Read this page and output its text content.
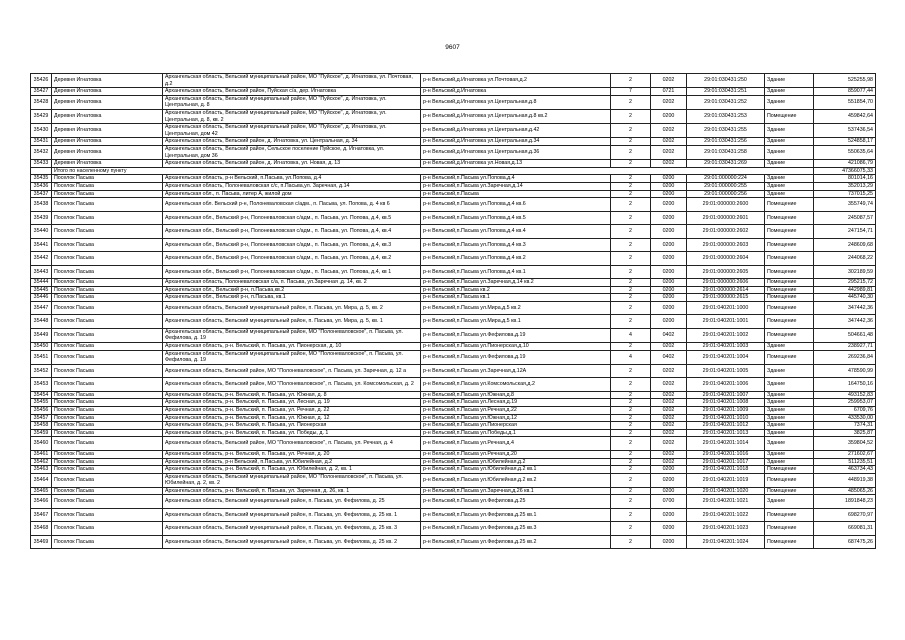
9607
35426	Деревня Игнатовка	Архангельская область, Вельский муниципальный район, МО "Пуйское", д. Игнатовка, ул. Почтовая, д.2	р-н Вельский,д.Игнатовка ул.Почтовая,д.2	2	0202	29:01:030431:250	Здание	525255,98
35427	Деревня Игнатовка	Архангельская область, Вельский район, Пуйская с/а, дер. Игнатовка	р-н Вельский,д.Игнатовка	7	0721	29:01:030431:251	Здание	859077,44
35428	Деревня Игнатовка	Архангельская область, Вельский муниципальный район, МО "Пуйское", д. Игнатовка, ул. Центральная, д. 8	р-н Вельский,д.Игнатовка ул.Центральная,д.8	2	0202	29:01:030431:252	Здание	551854,70
35429	Деревня Игнатовка	Архангельская область, Вельский муниципальный район, МО "Пуйское", д. Игнатовка, ул. Центральная, д. 8, кв. 2	р-н Вельский,д.Игнатовка ул.Центральная,д.8 кв.2	2	0200	29:01:030431:253	Помещение	459842,64
35430	Деревня Игнатовка	Архангельская область, Вельский муниципальный район, МО "Пуйское", д. Игнатовка, ул. Центральная, дом 42	р-н Вельский,д.Игнатовка ул.Центральная,д.42	2	0202	29:01:030431:255	Здание	537436,54
35431	Деревня Игнатовка	Архангельская область, Вельский район, д. Игнатовка, ул. Центральная, д. 34	р-н Вельский,д.Игнатовка ул.Центральная,д.34	2	0202	29:01:030431:256	Здание	524858,17
35432	Деревня Игнатовка	Архангельская область, Вельский район, Сельское поселение Пуйское, д. Игнатовка, ул. Центральная, дом 36	р-н Вельский,д.Игнатовка ул.Центральная,д.36	2	0202	29:01:030431:258	Здание	550635,64
35433	Деревня Игнатовка	Архангельская область, Вельский район, д. Игнатовка, ул. Новая, д. 13	р-н Вельский,д.Игнатовка ул.Новая,д.13	2	0202	29:01:030431:269	Здание	421086,79
	Итого по населенному пункту							47366075,33
35435	Поселок Пасьва	Архангельская область, р-н Вельский, п.Пасьва, ул.Попова, д.4	р-н Вельский,п.Пасьва ул.Попова,д.4	2	0200	29:01:000000:224	Здание	801014,16
35436	Поселок Пасьва	Архангельская область, Полоневаловская с/с, п.Пасьва,ул. Заречная, д.14	р-н Вельский,п.Пасьва ул.Заречная,д.14	2	0200	29:01:000000:255	Здание	352013,29
35437	Поселок Пасьва	Архангельская обл., п. Пасьва, литер А, жилой дом	р-н Вельский,п.Пасьва	2	0200	29:01:000000:256	Здание	737015,25
35438	Поселок Пасьва	Архангельская обл. Вельский р-н, Полоневаловская с/адм., п. Пасьва, ул. Попова, д. 4 кв 6	р-н Вельский,п.Пасьва ул.Попова,д.4 кв.6	2	0200	29:01:000000:2600	Помещение	355749,74
35439	Поселок Пасьва	Архангельская обл., Вельский р-н, Полоневаловская с/адм., п. Пасьва, ул. Попова, д.4, кв.5	р-н Вельский,п.Пасьва ул.Попова,д.4 кв.5	2	0200	29:01:000000:2601	Помещение	245087,57
35440	Поселок Пасьва	Архангельская обл., Вельский р-н, Полоневаловская с/адм., п. Пасьва, ул. Попова, д.4, кв.4	р-н Вельский,п.Пасьва ул.Попова,д.4 кв.4	2	0200	29:01:000000:2602	Помещение	247154,71
35441	Поселок Пасьва	Архангельская обл., Вельский р-н, Полоневаловская с/адм., п. Пасьва, ул. Попова, д.4, кв.3	р-н Вельский,п.Пасьва ул.Попова,д.4 кв.3	2	0200	29:01:000000:2603	Помещение	248609,68
35442	Поселок Пасьва	Архангельская обл., Вельский р-н, Полоневаловская с/адм., п. Пасьва, ул. Попова, д.4, кв.2	р-н Вельский,п.Пасьва ул.Попова,д.4 кв.2	2	0200	29:01:000000:2604	Помещение	244068,22
35443	Поселок Пасьва	Архангельская обл., Вельский р-н, Полоневаловская с/адм., п. Пасьва, ул. Попова, д.4, кв 1	р-н Вельский,п.Пасьва ул.Попова,д.4 кв.1	2	0200	29:01:000000:2605	Помещение	302189,59
35444	Поселок Пасьва	Архангельская область, Полоневаловская с/а, п. Пасьва, ул.Заречная ,д. 14, кв. 2	р-н Вельский,п.Пасьва ул.Заречная,д.14 кв.2	2	0200	29:01:000000:2606	Помещение	295215,72
35445	Поселок Пасьва	Архангельская обл., Вельский р-н, п.Пасьва,кв.2	р-н Вельский,п.Пасьва кв.2	2	0200	29:01:000000:2614	Помещение	442989,81
35446	Поселок Пасьва	Архангельская обл., Вельский р-н, п.Пасьва, кв.1	р-н Вельский,п.Пасьва кв.1	2	0200	29:01:000000:2615	Помещение	445740,30
35447	Поселок Пасьва	Архангельская область, Вельский муниципальный район, п. Пасьва, ул. Мира, д. 5, кв. 2	р-н Вельский,п.Пасьва ул.Мира,д.5 кв.2	2	0200	29:01:040201:1000	Помещение	347442,36
35448	Поселок Пасьва	Архангельская область, Вельский муниципальный район, п. Пасьва, ул. Мира, д. 5, кв. 1	р-н Вельский,п.Пасьва ул.Мира,д.5 кв.1	2	0200	29:01:040201:1001	Помещение	347442,36
35449	Поселок Пасьва	Архангельская область, Вельский муниципальный район, МО "Полоневаловское", п. Пасьва, ул. Фефилова, д. 19	р-н Вельский,п.Пасьва ул.Фефилова,д.19	4	0402	29:01:040201:1002	Помещение	504661,48
35450	Поселок Пасьва	Архангельская область, р-н. Вельский, п. Пасьва, ул. Пионерская, д. 10	р-н Вельский,п.Пасьва ул.Пионерская,д.10	2	0202	29:01:040201:1003	Здание	238927,71
35451	Поселок Пасьва	Архангельская область, Вельский муниципальный район, МО "Полоневаловское", п. Пасьва, ул. Фефилова, д. 19	р-н Вельский,п.Пасьва ул.Фефилова,д.19	4	0402	29:01:040201:1004	Помещение	269236,84
35452	Поселок Пасьва	Архангельская область, Вельский район, МО "Полоневаловское", п. Пасьва, ул. Заречная, д. 12 а	р-н Вельский,п.Пасьва ул.Заречная,д.12А	2	0202	29:01:040201:1005	Здание	478590,99
35453	Поселок Пасьва	Архангельская область, Вельский район, МО "Полоневаловское", п. Пасьва, ул. Комсомольская, д. 2	р-н Вельский,п.Пасьва ул.Комсомольская,д.2	2	0202	29:01:040201:1006	Здание	164750,16
35454	Поселок Пасьва	Архангельская область, р-н. Вельский, п. Пасьва, ул. Южная, д. 8	р-н Вельский,п.Пасьва ул.Южная,д.8	2	0202	29:01:040201:1007	Здание	493152,83
35455	Поселок Пасьва	Архангельская область, р-н. Вельский, п. Пасьва, ул. Лесная, д. 19	р-н Вельский,п.Пасьва ул.Лесная,д.19	2	0202	29:01:040201:1008	Здание	259953,07
35456	Поселок Пасьва	Архангельская область, р-н. Вельский, п. Пасьва, ул. Речная, д. 22	р-н Вельский,п.Пасьва ул.Речная,д.22	2	0202	29:01:040201:1009	Здание	6709,76
35457	Поселок Пасьва	Архангельская область, р-н. Вельский, п. Пасьва, ул. Южная, д. 12	р-н Вельский,п.Пасьва ул.Южная,д.12	2	0202	29:01:040201:1010	Здание	433530,00
35458	Поселок Пасьва	Архангельская область, р-н. Вельский, п. Пасьва, ул. Пионерская	р-н Вельский,п.Пасьва ул.Пионерская	2	0202	29:01:040201:1012	Здание	7374,31
35459	Поселок Пасьва	Архангельская область, р-н. Вельский, п. Пасьва, ул. Победы, д. 1	р-н Вельский,п.Пасьва ул.Победы,д.1	2	0202	29:01:040201:1013	Здание	3825,87
35460	Поселок Пасьва	Архангельская область, Вельский район, МО "Полоневаловское", п. Пасьва, ул. Речная, д. 4	р-н Вельский,п.Пасьва ул.Речная,д.4	2	0202	29:01:040201:1014	Здание	359804,52
35461	Поселок Пасьва	Архангельская область, р-н. Вельский, п. Пасьва, ул. Речная, д. 20	р-н Вельский,п.Пасьва ул.Речная,д.20	2	0202	29:01:040201:1016	Здание	271602,67
35462	Поселок Пасьва	Архангельская область, р-н Вельский, п.Пасьва, ул.Юбилейная, д.2	р-н Вельский,п.Пасьва ул.Юбилейная,д.2	2	0202	29:01:040201:1017	Здание	511235,51
35463	Поселок Пасьва	Архангельская область, р-н. Вельский, п. Пасьва, ул. Юбилейная, д. 2, кв. 1	р-н Вельский,п.Пасьва ул.Юбилейная,д.2 кв.1	2	0200	29:01:040201:1018	Помещение	463734,43
35464	Поселок Пасьва	Архангельская область, Вельский муниципальный район, МО "Полоневаловское", п. Пасьва, ул. Юбилейная, д. 2, кв. 2	р-н Вельский,п.Пасьва ул.Юбилейная,д.2 кв.2	2	0200	29:01:040201:1019	Помещение	448919,38
35465	Поселок Пасьва	Архангельская область, р-н. Вельский, п. Пасьва, ул. Заречная, д. 26, кв. 1	р-н Вельский,п.Пасьва ул.Заречная,д.26 кв.1	2	0200	29:01:040201:1020	Помещение	485065,26
35466	Поселок Пасьва	Архангельская область, Вельский муниципальный район, п. Пасьва, ул. Фефилова, д. 25	р-н Вельский,п.Пасьва ул.Фефилова,д.25	2	0700	29:01:040201:1021	Здание	1891848,23
35467	Поселок Пасьва	Архангельская область, Вельский муниципальный район, п. Пасьва, ул. Фефилова, д. 25 кв. 1	р-н Вельский,п.Пасьва ул.Фефилова,д.25 кв.1	2	0200	29:01:040201:1022	Помещение	698270,97
35468	Поселок Пасьва	Архангельская область, Вельский муниципальный район, п. Пасьва, ул. Фефилова, д. 25 кв. 3	р-н Вельский,п.Пасьва ул.Фефилова,д.25 кв.3	2	0200	29:01:040201:1023	Помещение	669081,31
35469	Поселок Пасьва	Архангельская область, Вельский муниципальный район, п. Пасьва, ул. Фефилова, д. 25 кв. 2	р-н Вельский,п.Пасьва ул.Фефилова,д.25 кв.2	2	0200	29:01:040201:1024	Помещение	687475,26
